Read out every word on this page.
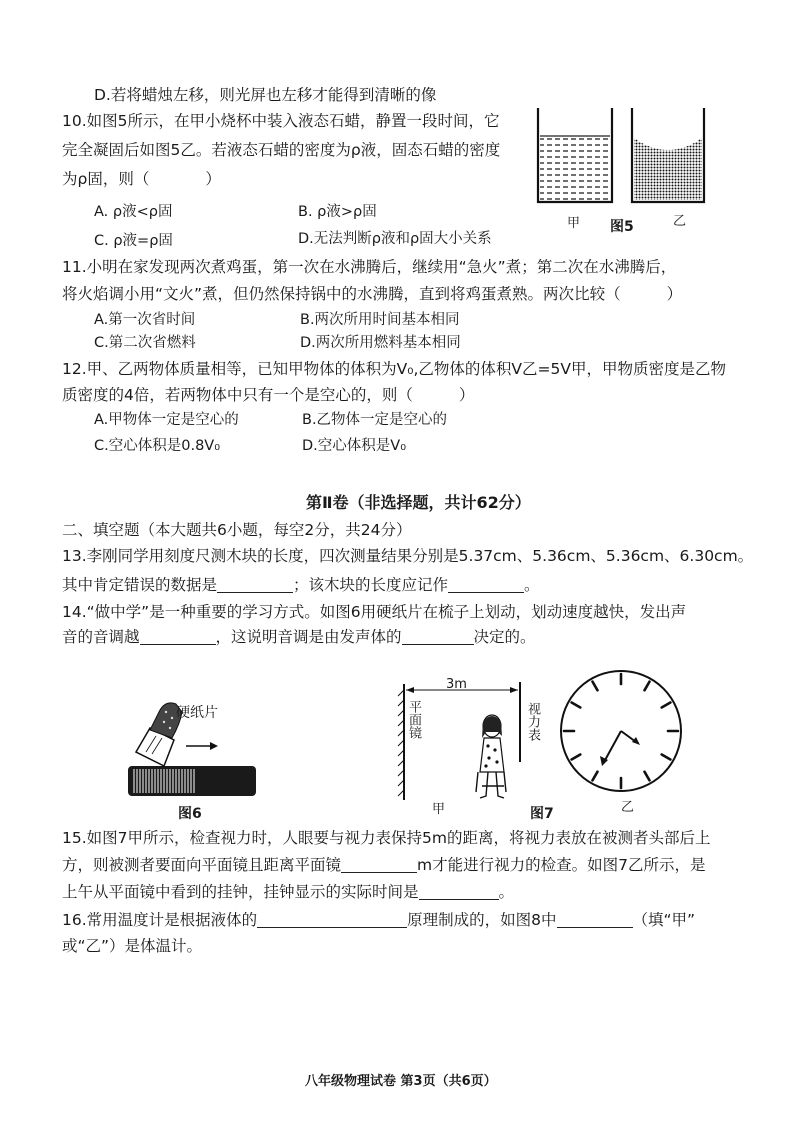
D.若将蜡烛左移，则光屏也左移才能得到清晰的像
10.如图5所示，在甲小烧杯中装入液态石蜡，静置一段时间，它
完全凝固后如图5乙。若液态石蜡的密度为ρ液，固态石蜡的密度
为ρ固，则（	）
A. ρ液<ρ固	B. ρ液>ρ固
C. ρ液=ρ固	D.无法判断ρ液和ρ固大小关系
甲 图5	乙
11.小明在家发现两次煮鸡蛋，第一次在水沸腾后，继续用“急火”煮；第二次在水沸腾后，
将火焰调小用“文火”煮，但仍然保持锅中的水沸腾，直到将鸡蛋煮熟。两次比较（	）
A.第一次省时间	B.两次所用时间基本相同
C.第二次省燃料	D.两次所用燃料基本相同
12.甲、乙两物体质量相等，已知甲物体的体积为V₀,乙物体的体积V乙=5V甲，甲物质密度是乙物
质密度的4倍，若两物体中只有一个是空心的，则（	）
A.甲物体一定是空心的	B.乙物体一定是空心的
C.空心体积是0.8V₀	D.空心体积是V₀
第Ⅱ卷（非选择题，共计62分）
二、填空题（本大题共6小题，每空2分，共24分）
13.李刚同学用刻度尺测木块的长度，四次测量结果分别是5.37cm、5.36cm、5.36cm、6.30cm。
其中肯定错误的数据是	；该木块的长度应记作	。
14.“做中学”是一种重要的学习方式。如图6用硬纸片在梳子上划动，划动速度越快，发出声
音的音调越	，这说明音调是由发声体的	决定的。
硬纸片
图6
3m
平面镜	视力表
甲	图7	乙
15.如图7甲所示，检查视力时，人眼要与视力表保持5m的距离，将视力表放在被测者头部后上
方，则被测者要面向平面镜且距离平面镜	m才能进行视力的检查。如图7乙所示，是
上午从平面镜中看到的挂钟，挂钟显示的实际时间是	。
16.常用温度计是根据液体的	原理制成的，如图8中	（填“甲”
或“乙”）是体温计。
八年级物理试卷 第3页（共6页）
